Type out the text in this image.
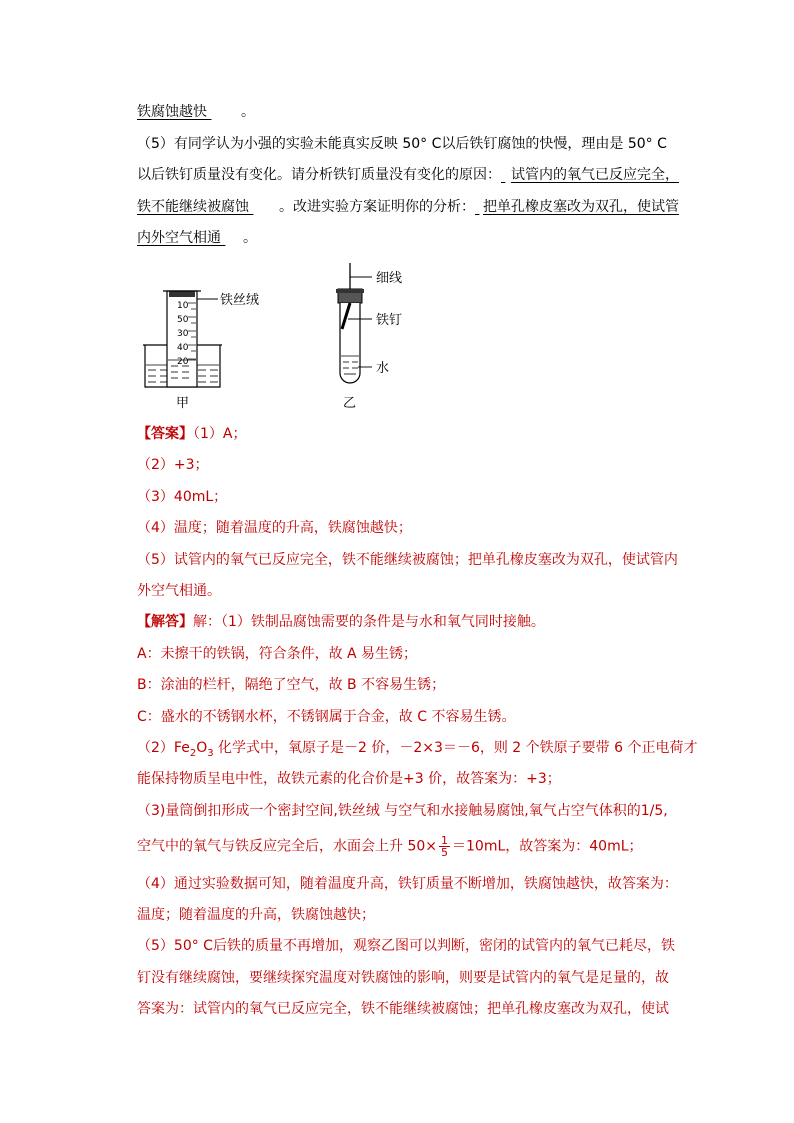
铁腐蚀越快 。
（5）有同学认为小强的实验未能真实反映 50° C以后铁钉腐蚀的快慢，理由是 50° C
以后铁钉质量没有变化。请分析铁钉质量没有变化的原因： 试管内的氧气已反应完全，
铁不能继续被腐蚀 。改进实验方案证明你的分析： 把单孔橡皮塞改为双孔，使试管
内外空气相通 。
10
50
30
40
20
铁丝绒
甲
细线
铁钉
水
乙
【答案】（1）A；
（2）+3；
（3）40mL；
（4）温度；随着温度的升高，铁腐蚀越快；
（5）试管内的氧气已反应完全，铁不能继续被腐蚀；把单孔橡皮塞改为双孔，使试管内
外空气相通。
【解答】解：（1）铁制品腐蚀需要的条件是与水和氧气同时接触。
A：未擦干的铁锅，符合条件，故 A 易生锈；
B：涂油的栏杆，隔绝了空气，故 B 不容易生锈；
C：盛水的不锈钢水杯，不锈钢属于合金，故 C 不容易生锈。
$(2)Fe_2O_3$ 化学式中，氧原子是－2 价，－2×3＝－6，则 2 个铁原子要带 6 个正电荷才
能保持物质呈电中性，故铁元素的化合价是+3 价，故答案为：+3；
（3)量筒倒扣形成一个密封空间,铁丝绒 与空气和水接触易腐蚀,氧气占空气体积的1/5,
空气中的氧气与铁反应完全后，水面会上升 $50\times \frac{1}{5} =10mL$，故答案为：40mL；
（4）通过实验数据可知，随着温度升高，铁钉质量不断增加，铁腐蚀越快，故答案为：
温度；随着温度的升高，铁腐蚀越快；
（5）50° C后铁的质量不再增加，观察乙图可以判断，密闭的试管内的氧气已耗尽，铁
钉没有继续腐蚀，要继续探究温度对铁腐蚀的影响，则要是试管内的氧气是足量的，故
答案为：试管内的氧气已反应完全，铁不能继续被腐蚀；把单孔橡皮塞改为双孔，使试
